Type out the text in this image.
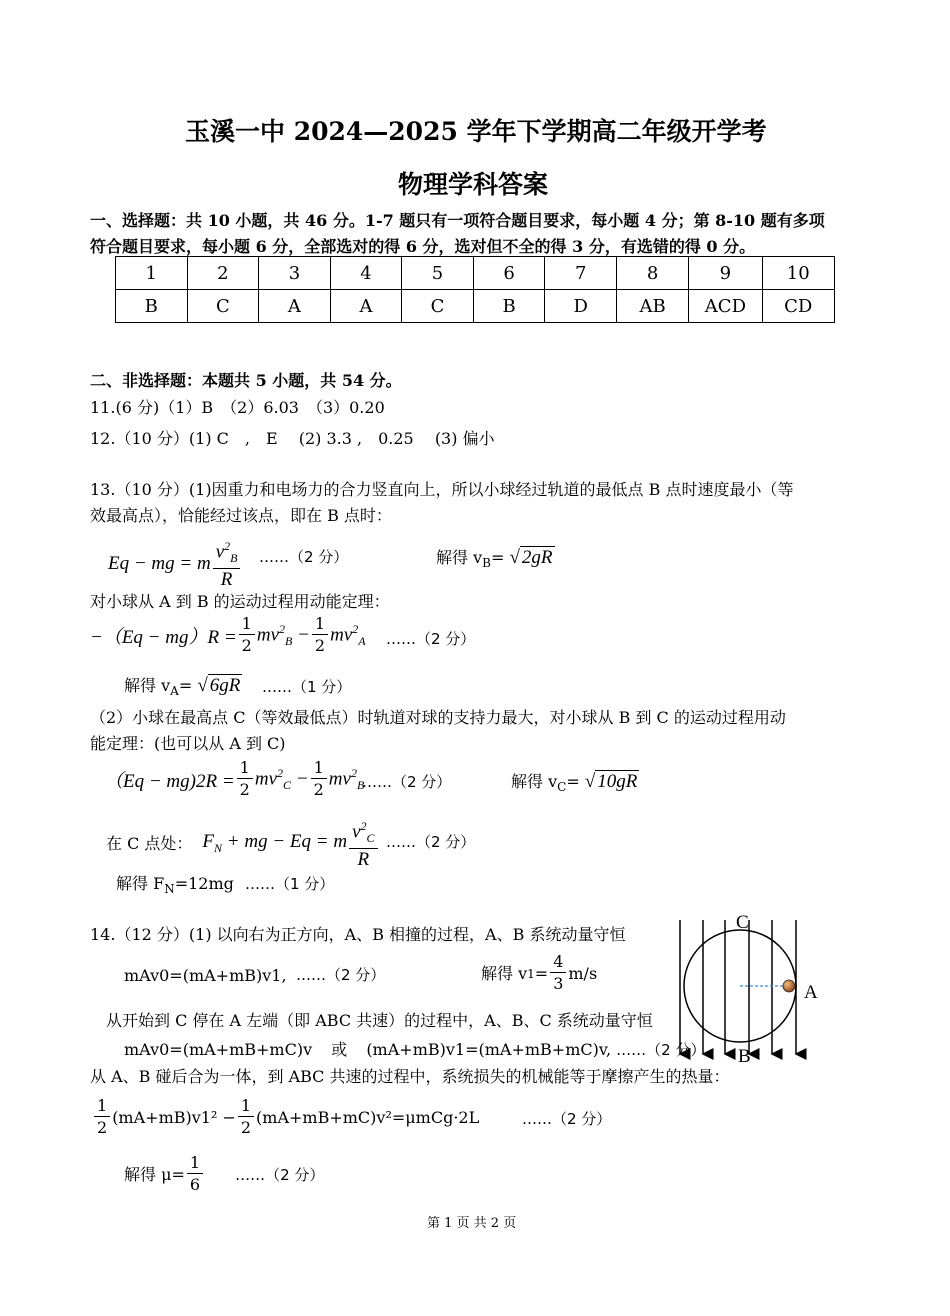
玉溪一中 2024—2025 学年下学期高二年级开学考
物理学科答案
一、选择题：共 10 小题，共 46 分。1-7 题只有一项符合题目要求，每小题 4 分；第 8-10 题有多项
符合题目要求，每小题 6 分，全部选对的得 6 分，选对但不全的得 3 分，有选错的得 0 分。
1	2	3	4	5	6	7	8	9	10
B	C	A	A	C	B	D	AB	ACD	CD
二、非选择题：本题共 5 小题，共 54 分。
11.(6 分)（1）B　（2）6.03　（3）0.20
12.（10 分）(1) C　,　E　 (2) 3.3 ,　0.25　 (3) 偏小
13.（10 分）(1)因重力和电场力的合力竖直向上，所以小球经过轨道的最低点 B 点时速度最小（等
效最高点），恰能经过该点，即在 B 点时：
Eq − mg = m $\frac{v^2_B}{R}$ ……（2 分）	解得 $v_B=$ √ 2gR
对小球从 A 到 B 的运动过程用动能定理：
$-(Eq - mg)R = \frac{1}{2} mv^2_B - \frac{1}{2} mv^2_A$ ……（2 分）
解得 $v_A=$ √ 6gR ……（1 分）
（2）小球在最高点 C（等效最低点）时轨道对球的支持力最大，对小球从 B 到 C 的运动过程用动
能定理：(也可以从 A 到 C)
$(Eq - mg)2R = \frac{1}{2} mv^2_C - \frac{1}{2} mv^2_B$
……（2 分）	解得 $v_C=$ √ 10gR
在 C 点处： $F_N$ + mg − Eq = m $\frac{v^2_C}{R}$ ……（2 分）
解得 $F_N=12mg$ ……（1 分）
14.（12 分）(1) 以向右为正方向，A、B 相撞的过程，A、B 系统动量守恒
mAv0=(mA+mB)v1, ……（2 分）	解得 v $1 = \frac{4}{3} m/s$
从开始到 C 停在 A 左端（即 ABC 共速）的过程中，A、B、C 系统动量守恒
mAv0=(mA+mB+mC)v 或 (mA+mB)v1=(mA+mB+mC)v, ……（2 分）
从 A、B 碰后合为一体，到 ABC 共速的过程中，系统损失的机械能等于摩擦产生的热量：
$\frac{1}{2} (mA+mB)v1^2 - \frac{1}{2} (mA+mB+mC)v^2=\mu mCg\cdot 2L$	……（2 分）
解得 $\mu= \frac{1}{6}$ ……（2 分）
C
A
B
第 1 页 共 2 页
